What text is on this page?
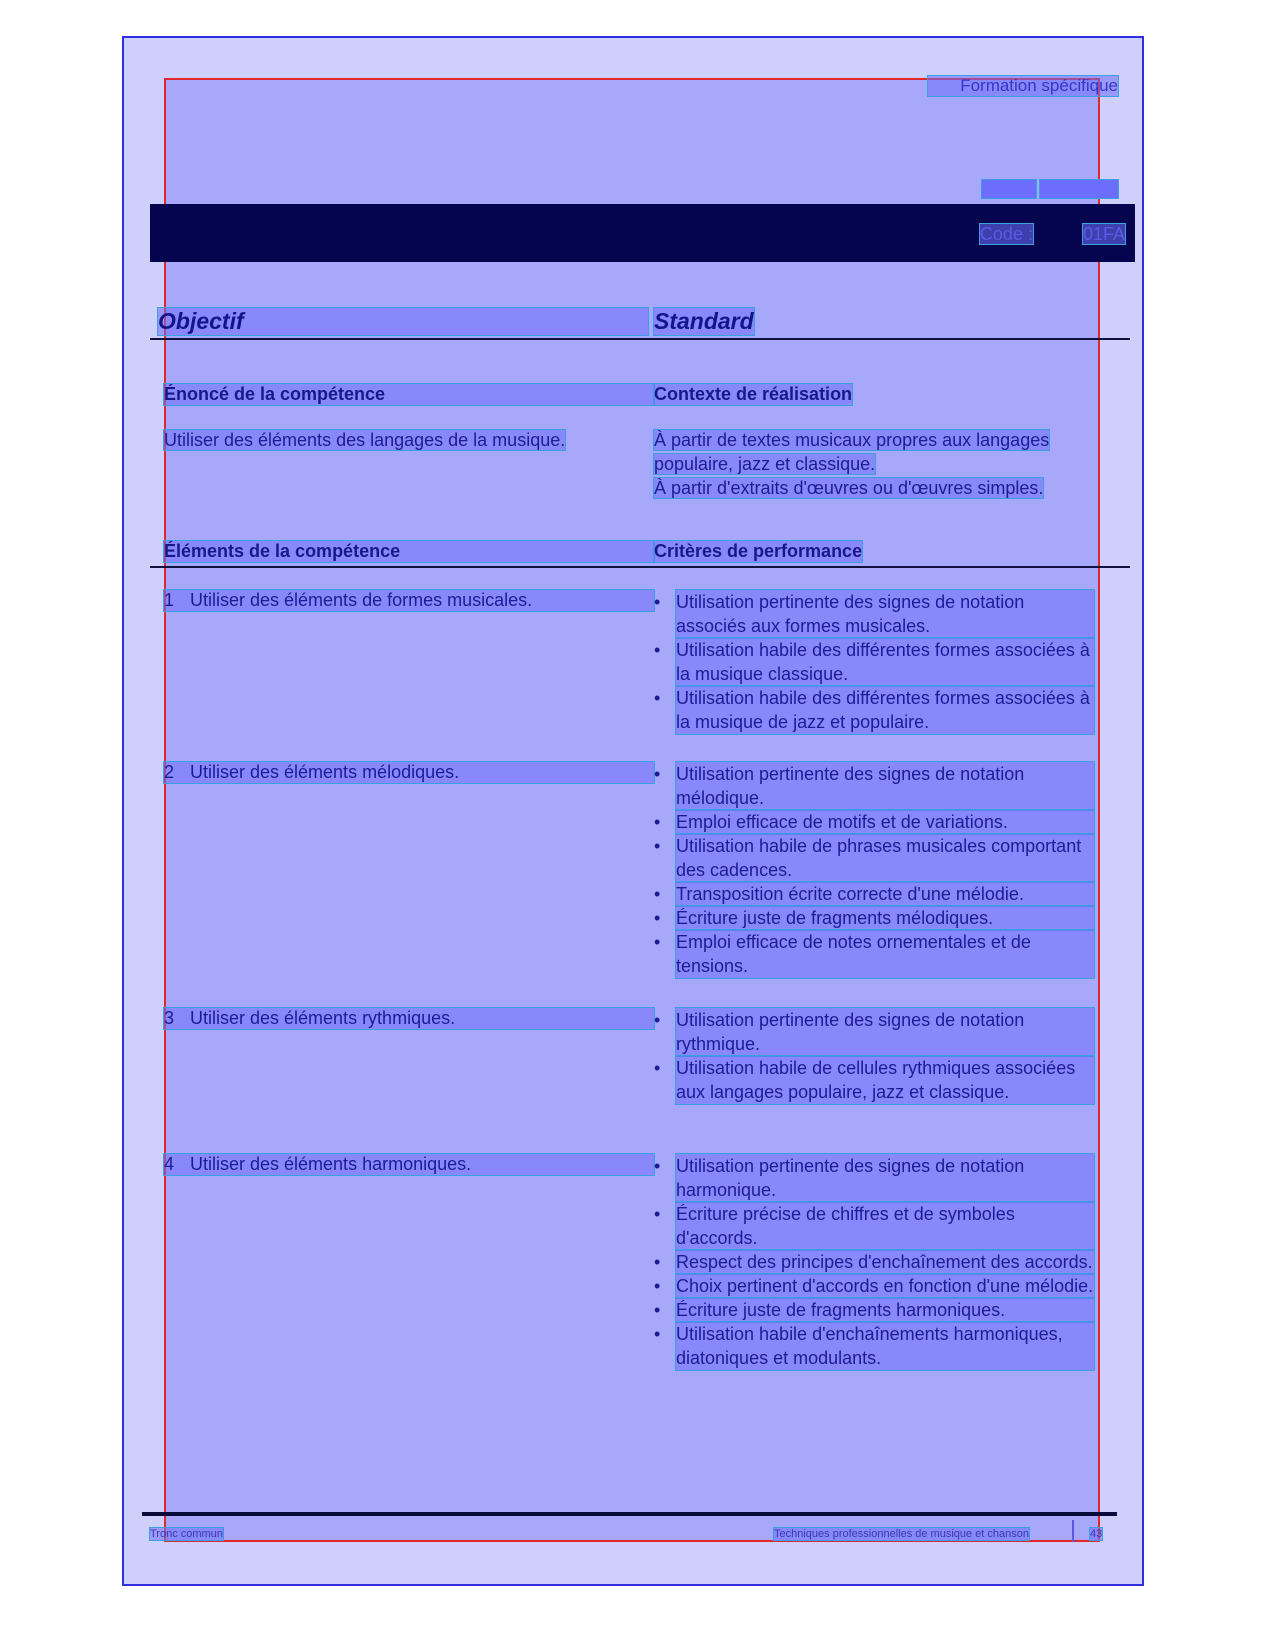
Formation spécifique
Code :	01FA
Objectif	Standard
Énoncé de la compétence	Contexte de réalisation
Utiliser des éléments des langages de la musique.	À partir de textes musicaux propres aux langages populaire, jazz et classique.
À partir d'extraits d'œuvres ou d'œuvres simples.
Éléments de la compétence	Critères de performance
1 Utiliser des éléments de formes musicales.	• Utilisation pertinente des signes de notation associés aux formes musicales.
• Utilisation habile des différentes formes associées à la musique classique.
• Utilisation habile des différentes formes associées à la musique de jazz et populaire.
2 Utiliser des éléments mélodiques.	• Utilisation pertinente des signes de notation mélodique.
• Emploi efficace de motifs et de variations.
• Utilisation habile de phrases musicales comportant des cadences.
• Transposition écrite correcte d'une mélodie.
• Écriture juste de fragments mélodiques.
• Emploi efficace de notes ornementales et de tensions.
3 Utiliser des éléments rythmiques.	• Utilisation pertinente des signes de notation rythmique.
• Utilisation habile de cellules rythmiques associées aux langages populaire, jazz et classique.
4 Utiliser des éléments harmoniques.	• Utilisation pertinente des signes de notation harmonique.
• Écriture précise de chiffres et de symboles d'accords.
• Respect des principes d'enchaînement des accords.
• Choix pertinent d'accords en fonction d'une mélodie.
• Écriture juste de fragments harmoniques.
• Utilisation habile d'enchaînements harmoniques, diatoniques et modulants.
Tronc commun	Techniques professionnelles de musique et chanson	43
